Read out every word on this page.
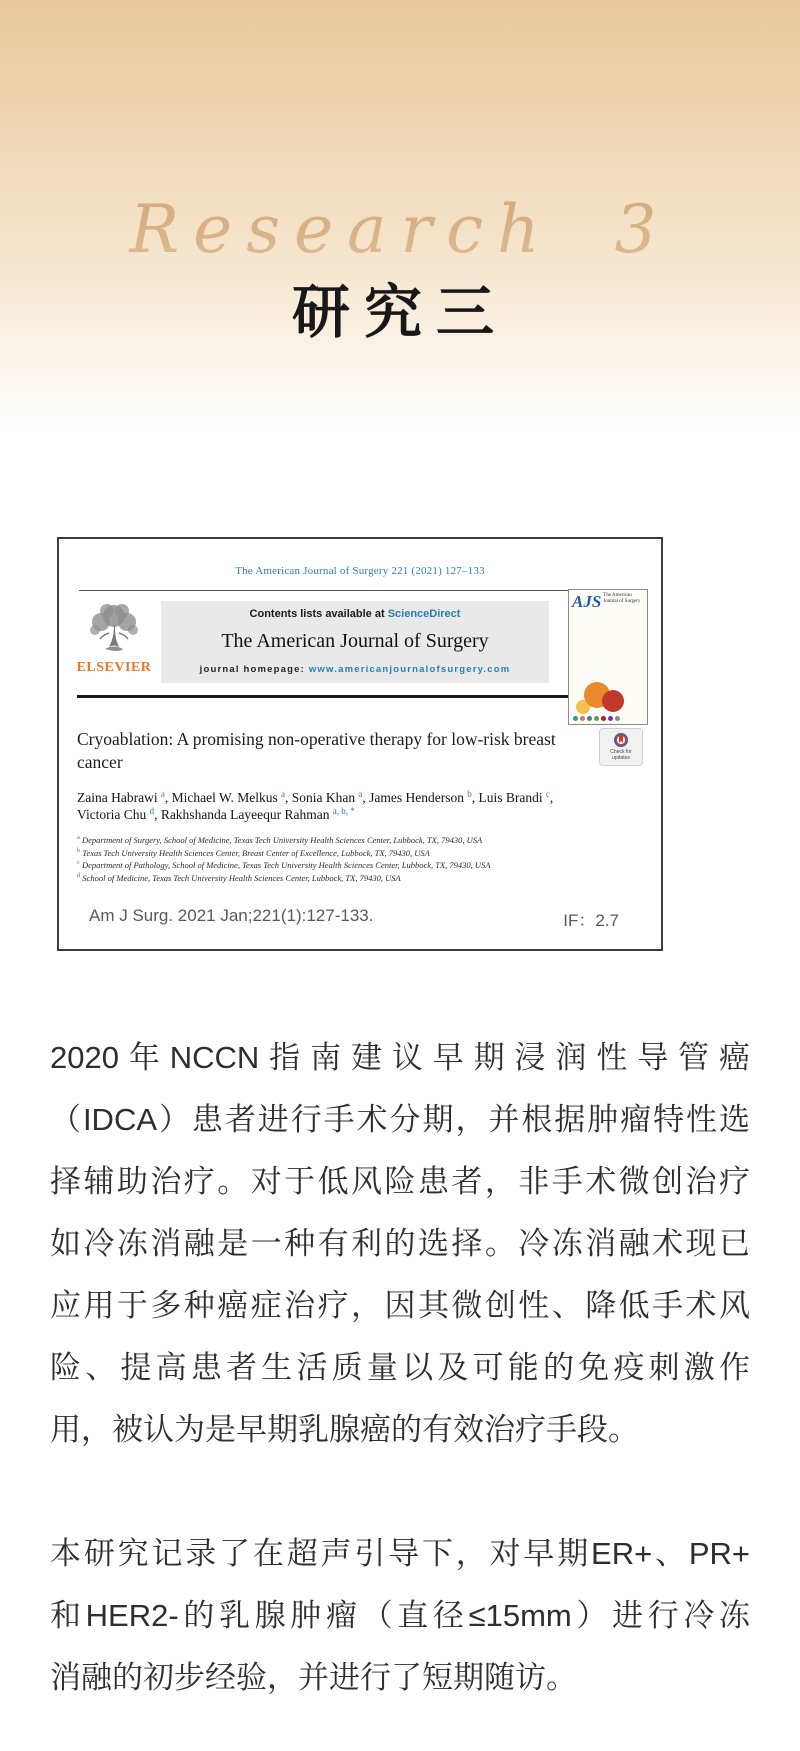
Research 3
研究三
The American Journal of Surgery 221 (2021) 127–133
ELSEVIER
Contents lists available at ScienceDirect
The American Journal of Surgery
journal homepage: www.americanjournalofsurgery.com
AJS The American Journal of Surgery
Cryoablation: A promising non-operative therapy for low-risk breast cancer	Check for updates
Zaina Habrawi $^a$, Michael W. Melkus $^a$, Sonia Khan $^a$, James Henderson $^b$, Luis Brandi $^c$,
Victoria Chu $^d$, Rakhshanda Layeequr Rahman $^{a, b, *}$
$^a$ Department of Surgery, School of Medicine, Texas Tech University Health Sciences Center, Lubbock, TX, 79430, USA
$^b$ Texas Tech University Health Sciences Center, Breast Center of Excellence, Lubbock, TX, 79430, USA
$^c$ Department of Pathology, School of Medicine, Texas Tech University Health Sciences Center, Lubbock, TX, 79430, USA
$^d$ School of Medicine, Texas Tech University Health Sciences Center, Lubbock, TX, 79430, USA
Am J Surg. 2021 Jan;221(1):127-133.	IF：2.7
2020年NCCN指南建议早期浸润性导管癌
（IDCA）患者进行手术分期，并根据肿瘤特性选
择辅助治疗。对于低风险患者，非手术微创治疗
如冷冻消融是一种有利的选择。冷冻消融术现已
应用于多种癌症治疗，因其微创性、降低手术风
险、提高患者生活质量以及可能的免疫刺激作
用，被认为是早期乳腺癌的有效治疗手段。
本研究记录了在超声引导下，对早期ER+、PR+
和HER2-的乳腺肿瘤（直径≤15mm）进行冷冻
消融的初步经验，并进行了短期随访。
